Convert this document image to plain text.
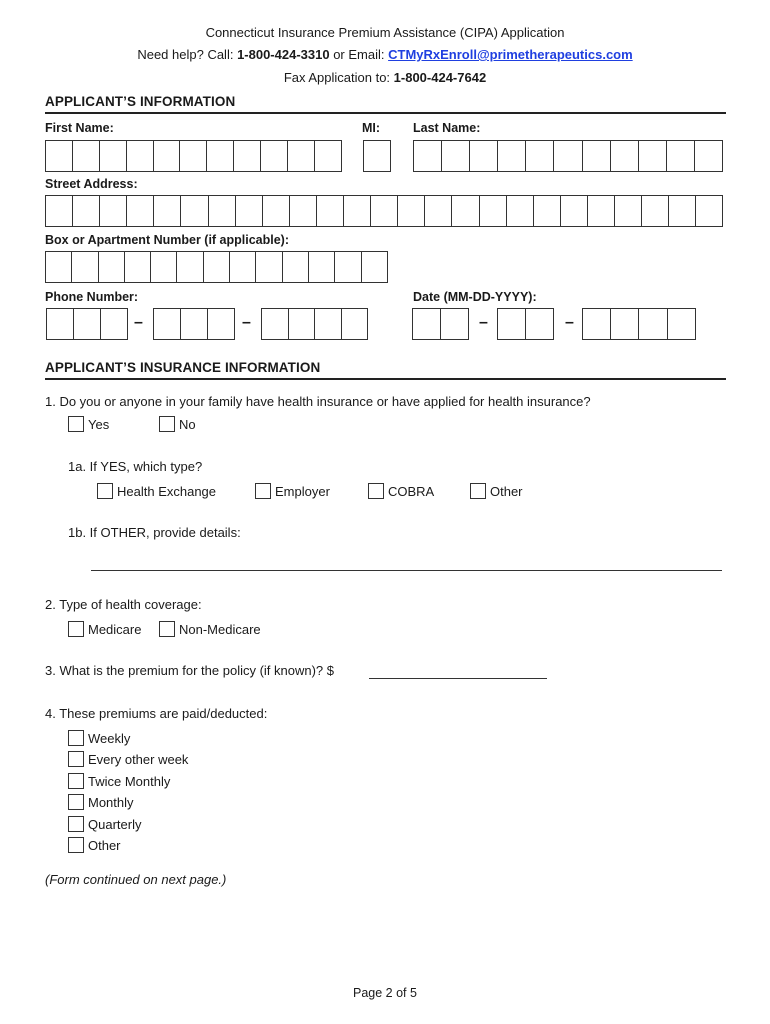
Connecticut Insurance Premium Assistance (CIPA) Application
Need help? Call: 1-800-424-3310 or Email: CTMyRxEnroll@primetherapeutics.com
Fax Application to: 1-800-424-7642
APPLICANT’S INFORMATION
First Name:	MI:	Last Name:
Street Address:
Box or Apartment Number (if applicable):
Phone Number:	Date (MM-DD-YYYY):
–	–	–	–
APPLICANT’S INSURANCE INFORMATION
1. Do you or anyone in your family have health insurance or have applied for health insurance?
Yes	No
1a. If YES, which type?
Health Exchange	Employer	COBRA	Other
1b. If OTHER, provide details:
2. Type of health coverage:
Medicare	Non-Medicare
3. What is the premium for the policy (if known)? $
4. These premiums are paid/deducted:
Weekly
Every other week
Twice Monthly
Monthly
Quarterly
Other
(Form continued on next page.)
Page 2 of 5
